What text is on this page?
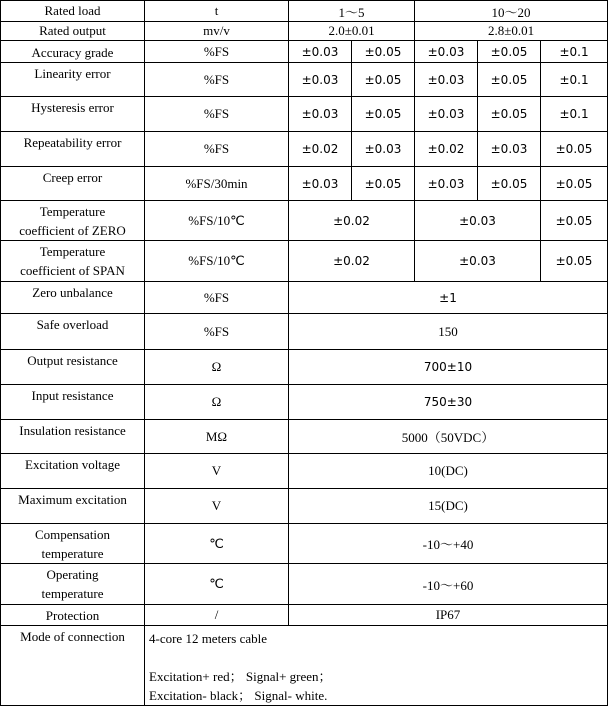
Rated load	t	1～5		10～20		
Rated output	mv/v	2.0±0.01		2.8±0.01		
Accuracy grade	%FS	±0.03	±0.05	±0.03	±0.05	±0.1
Linearity error	%FS	±0.03	±0.05	±0.03	±0.05	±0.1
Hysteresis error	%FS	±0.03	±0.05	±0.03	±0.05	±0.1
Repeatability error	%FS	±0.02	±0.03	±0.02	±0.03	±0.05
Creep error	%FS/30min	±0.03	±0.05	±0.03	±0.05	±0.05

Temperature
coefficient of ZERO	%FS/10℃	±0.02		±0.03		±0.05

Temperature
coefficient of SPAN	%FS/10℃	±0.02		±0.03		±0.05
Zero unbalance	%FS	±1				
Safe overload	%FS	150				
Output resistance	Ω	700±10				
Input resistance	Ω	750±30				
Insulation resistance	MΩ	5000（50VDC）				
Excitation voltage	V	10(DC)				
Maximum excitation	V	15(DC)				

Compensation
temperature	℃	-10～+40				

Operating
temperature	℃	-10～+60				
Protection	/	IP67				
Mode of connection	4-core 12 meters cable
Excitation+ red； Signal+ green；
Excitation- black； Signal- white.					
